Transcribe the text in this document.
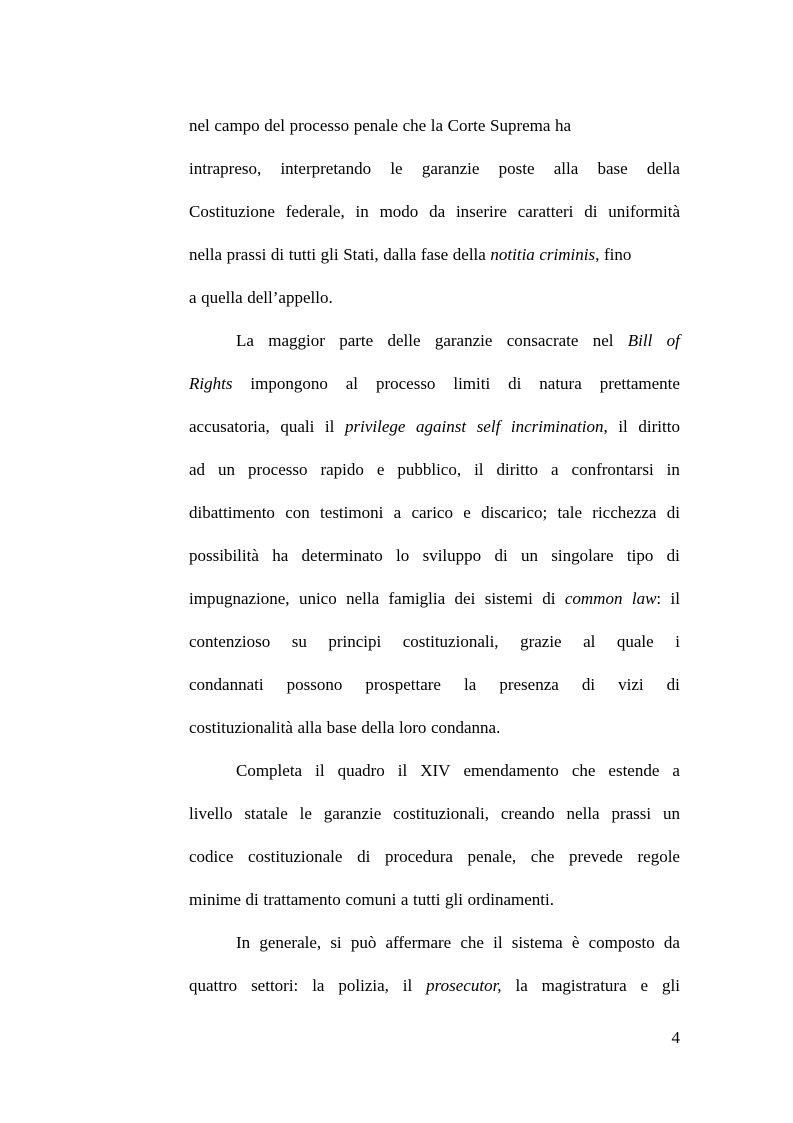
nel campo del processo penale che la Corte Suprema ha
intrapreso, interpretando le garanzie poste alla base della
Costituzione federale, in modo da inserire caratteri di uniformità
nella prassi di tutti gli Stati, dalla fase della notitia criminis, fino
a quella dell’appello.
La maggior parte delle garanzie consacrate nel Bill of
Rights impongono al processo limiti di natura prettamente
accusatoria, quali il privilege against self incrimination, il diritto
ad un processo rapido e pubblico, il diritto a confrontarsi in
dibattimento con testimoni a carico e discarico; tale ricchezza di
possibilità ha determinato lo sviluppo di un singolare tipo di
impugnazione, unico nella famiglia dei sistemi di common law: il
contenzioso su principi costituzionali, grazie al quale i
condannati possono prospettare la presenza di vizi di
costituzionalità alla base della loro condanna.
Completa il quadro il XIV emendamento che estende a
livello statale le garanzie costituzionali, creando nella prassi un
codice costituzionale di procedura penale, che prevede regole
minime di trattamento comuni a tutti gli ordinamenti.
In generale, si può affermare che il sistema è composto da
quattro settori: la polizia, il prosecutor, la magistratura e gli
4
